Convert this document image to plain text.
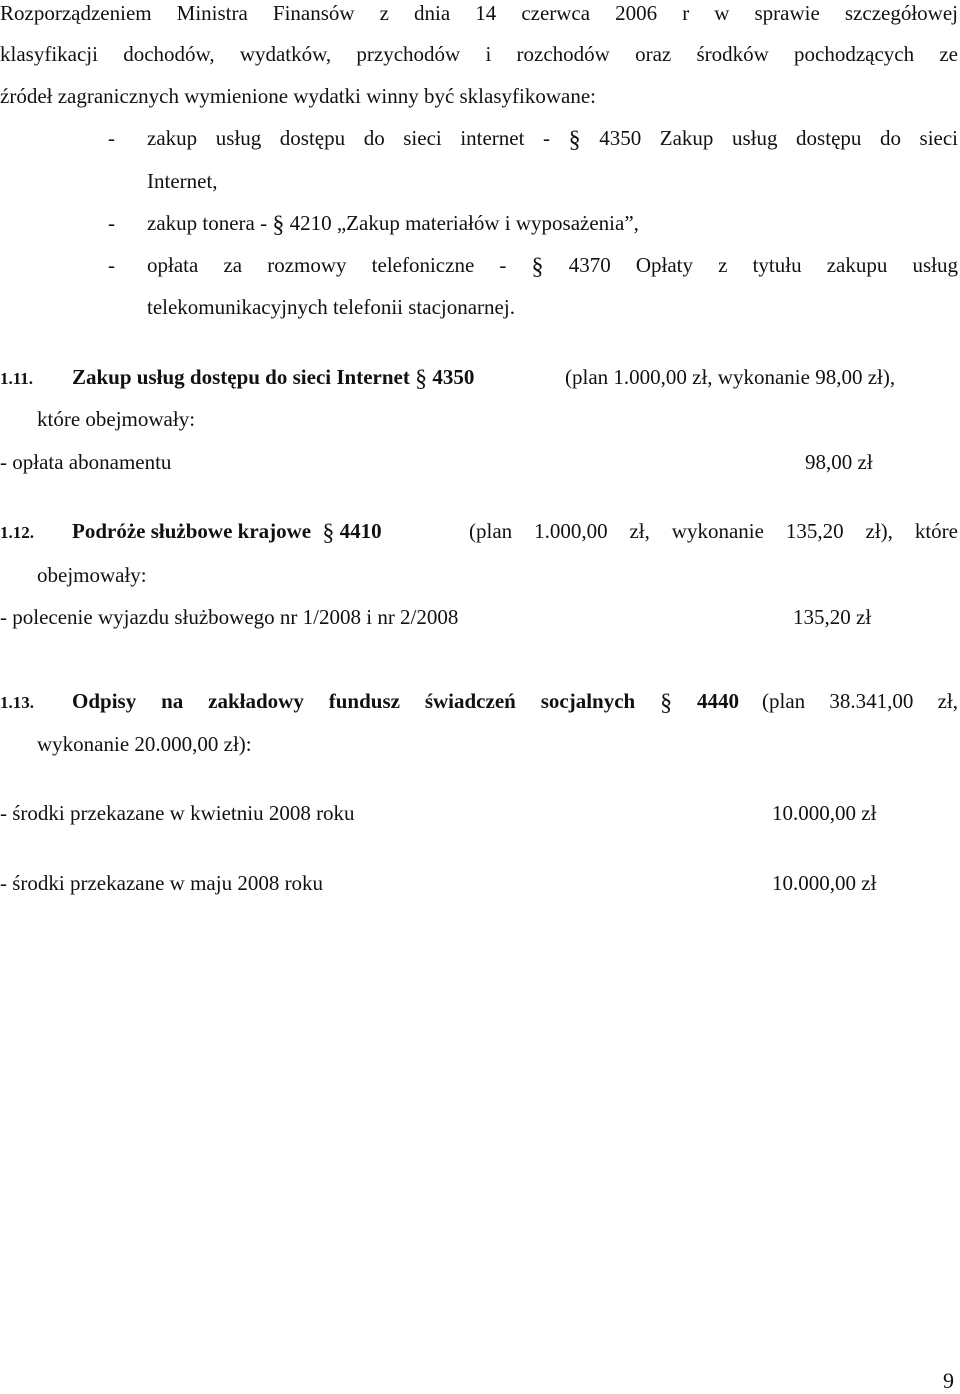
Rozporządzeniem Ministra Finansów z dnia 14 czerwca 2006 r w sprawie szczegółowej
klasyfikacji dochodów, wydatków, przychodów i rozchodów oraz środków pochodzących ze
źródeł zagranicznych wymienione wydatki winny być sklasyfikowane:
- zakup usług dostępu do sieci internet - § 4350 Zakup usług dostępu do sieci
Internet,
- zakup tonera - § 4210 „Zakup materiałów i wyposażenia”,
- opłata za rozmowy telefoniczne - § 4370 Opłaty z tytułu zakupu usług
telekomunikacyjnych telefonii stacjonarnej.
1.11. Zakup usług dostępu do sieci Internet § 4350	(plan 1.000,00 zł, wykonanie 98,00 zł),
które obejmowały:
- opłata abonamentu	98,00 zł
1.12. Podróże służbowe krajowe § 4410	(plan 1.000,00 zł, wykonanie 135,20 zł), które
obejmowały:
- polecenie wyjazdu służbowego nr 1/2008 i nr 2/2008	135,20 zł
1.13. Odpisy na zakładowy fundusz świadczeń socjalnych § 4440 (plan 38.341,00 zł,
wykonanie 20.000,00 zł):
- środki przekazane w kwietniu 2008 roku	10.000,00 zł
- środki przekazane w maju 2008 roku	10.000,00 zł
9
